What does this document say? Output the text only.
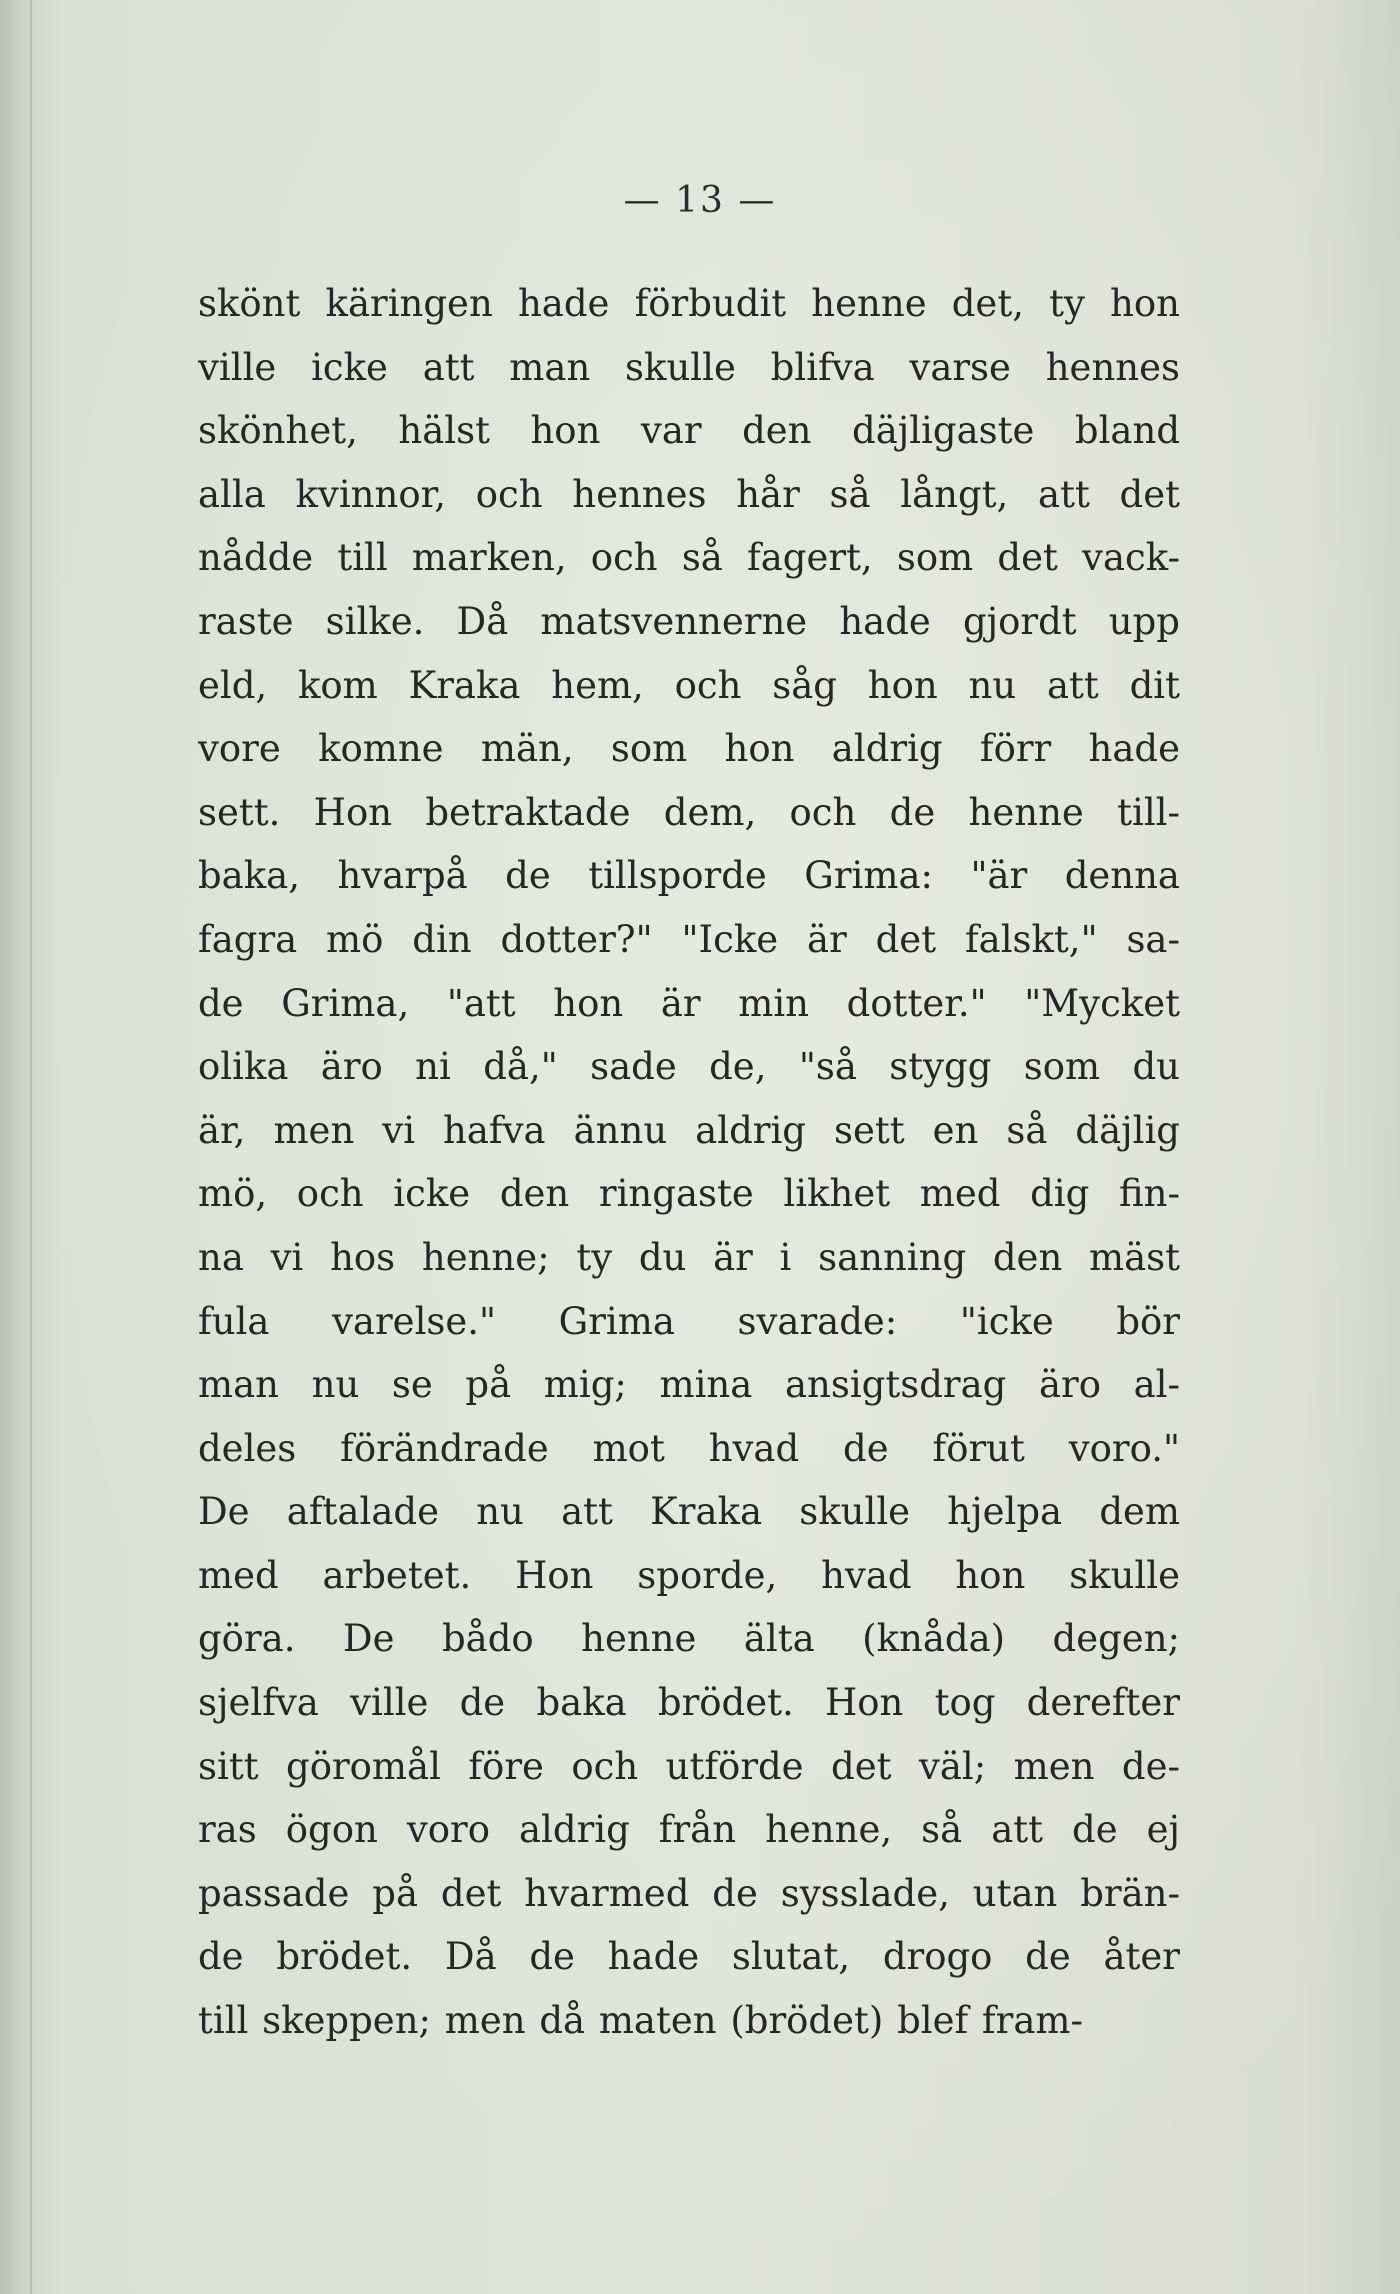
— 13 —
skönt käringen hade förbudit henne det, ty hon
ville icke att man skulle blifva varse hennes
skönhet, hälst hon var den däjligaste bland
alla kvinnor, och hennes hår så långt, att det
nådde till marken, och så fagert, som det vack-
raste silke. Då matsvennerne hade gjordt upp
eld, kom Kraka hem, och såg hon nu att dit
vore komne män, som hon aldrig förr hade
sett. Hon betraktade dem, och de henne till-
baka, hvarpå de tillsporde Grima: "är denna
fagra mö din dotter?" "Icke är det falskt," sa-
de Grima, "att hon är min dotter." "Mycket
olika äro ni då," sade de, "så stygg som du
är, men vi hafva ännu aldrig sett en så däjlig
mö, och icke den ringaste likhet med dig fin-
na vi hos henne; ty du är i sanning den mäst
fula varelse." Grima svarade: "icke bör
man nu se på mig; mina ansigtsdrag äro al-
deles förändrade mot hvad de förut voro."
De aftalade nu att Kraka skulle hjelpa dem
med arbetet. Hon sporde, hvad hon skulle
göra. De bådo henne älta (knåda) degen;
sjelfva ville de baka brödet. Hon tog derefter
sitt göromål före och utförde det väl; men de-
ras ögon voro aldrig från henne, så att de ej
passade på det hvarmed de sysslade, utan brän-
de brödet. Då de hade slutat, drogo de åter
till skeppen; men då maten (brödet) blef fram-
